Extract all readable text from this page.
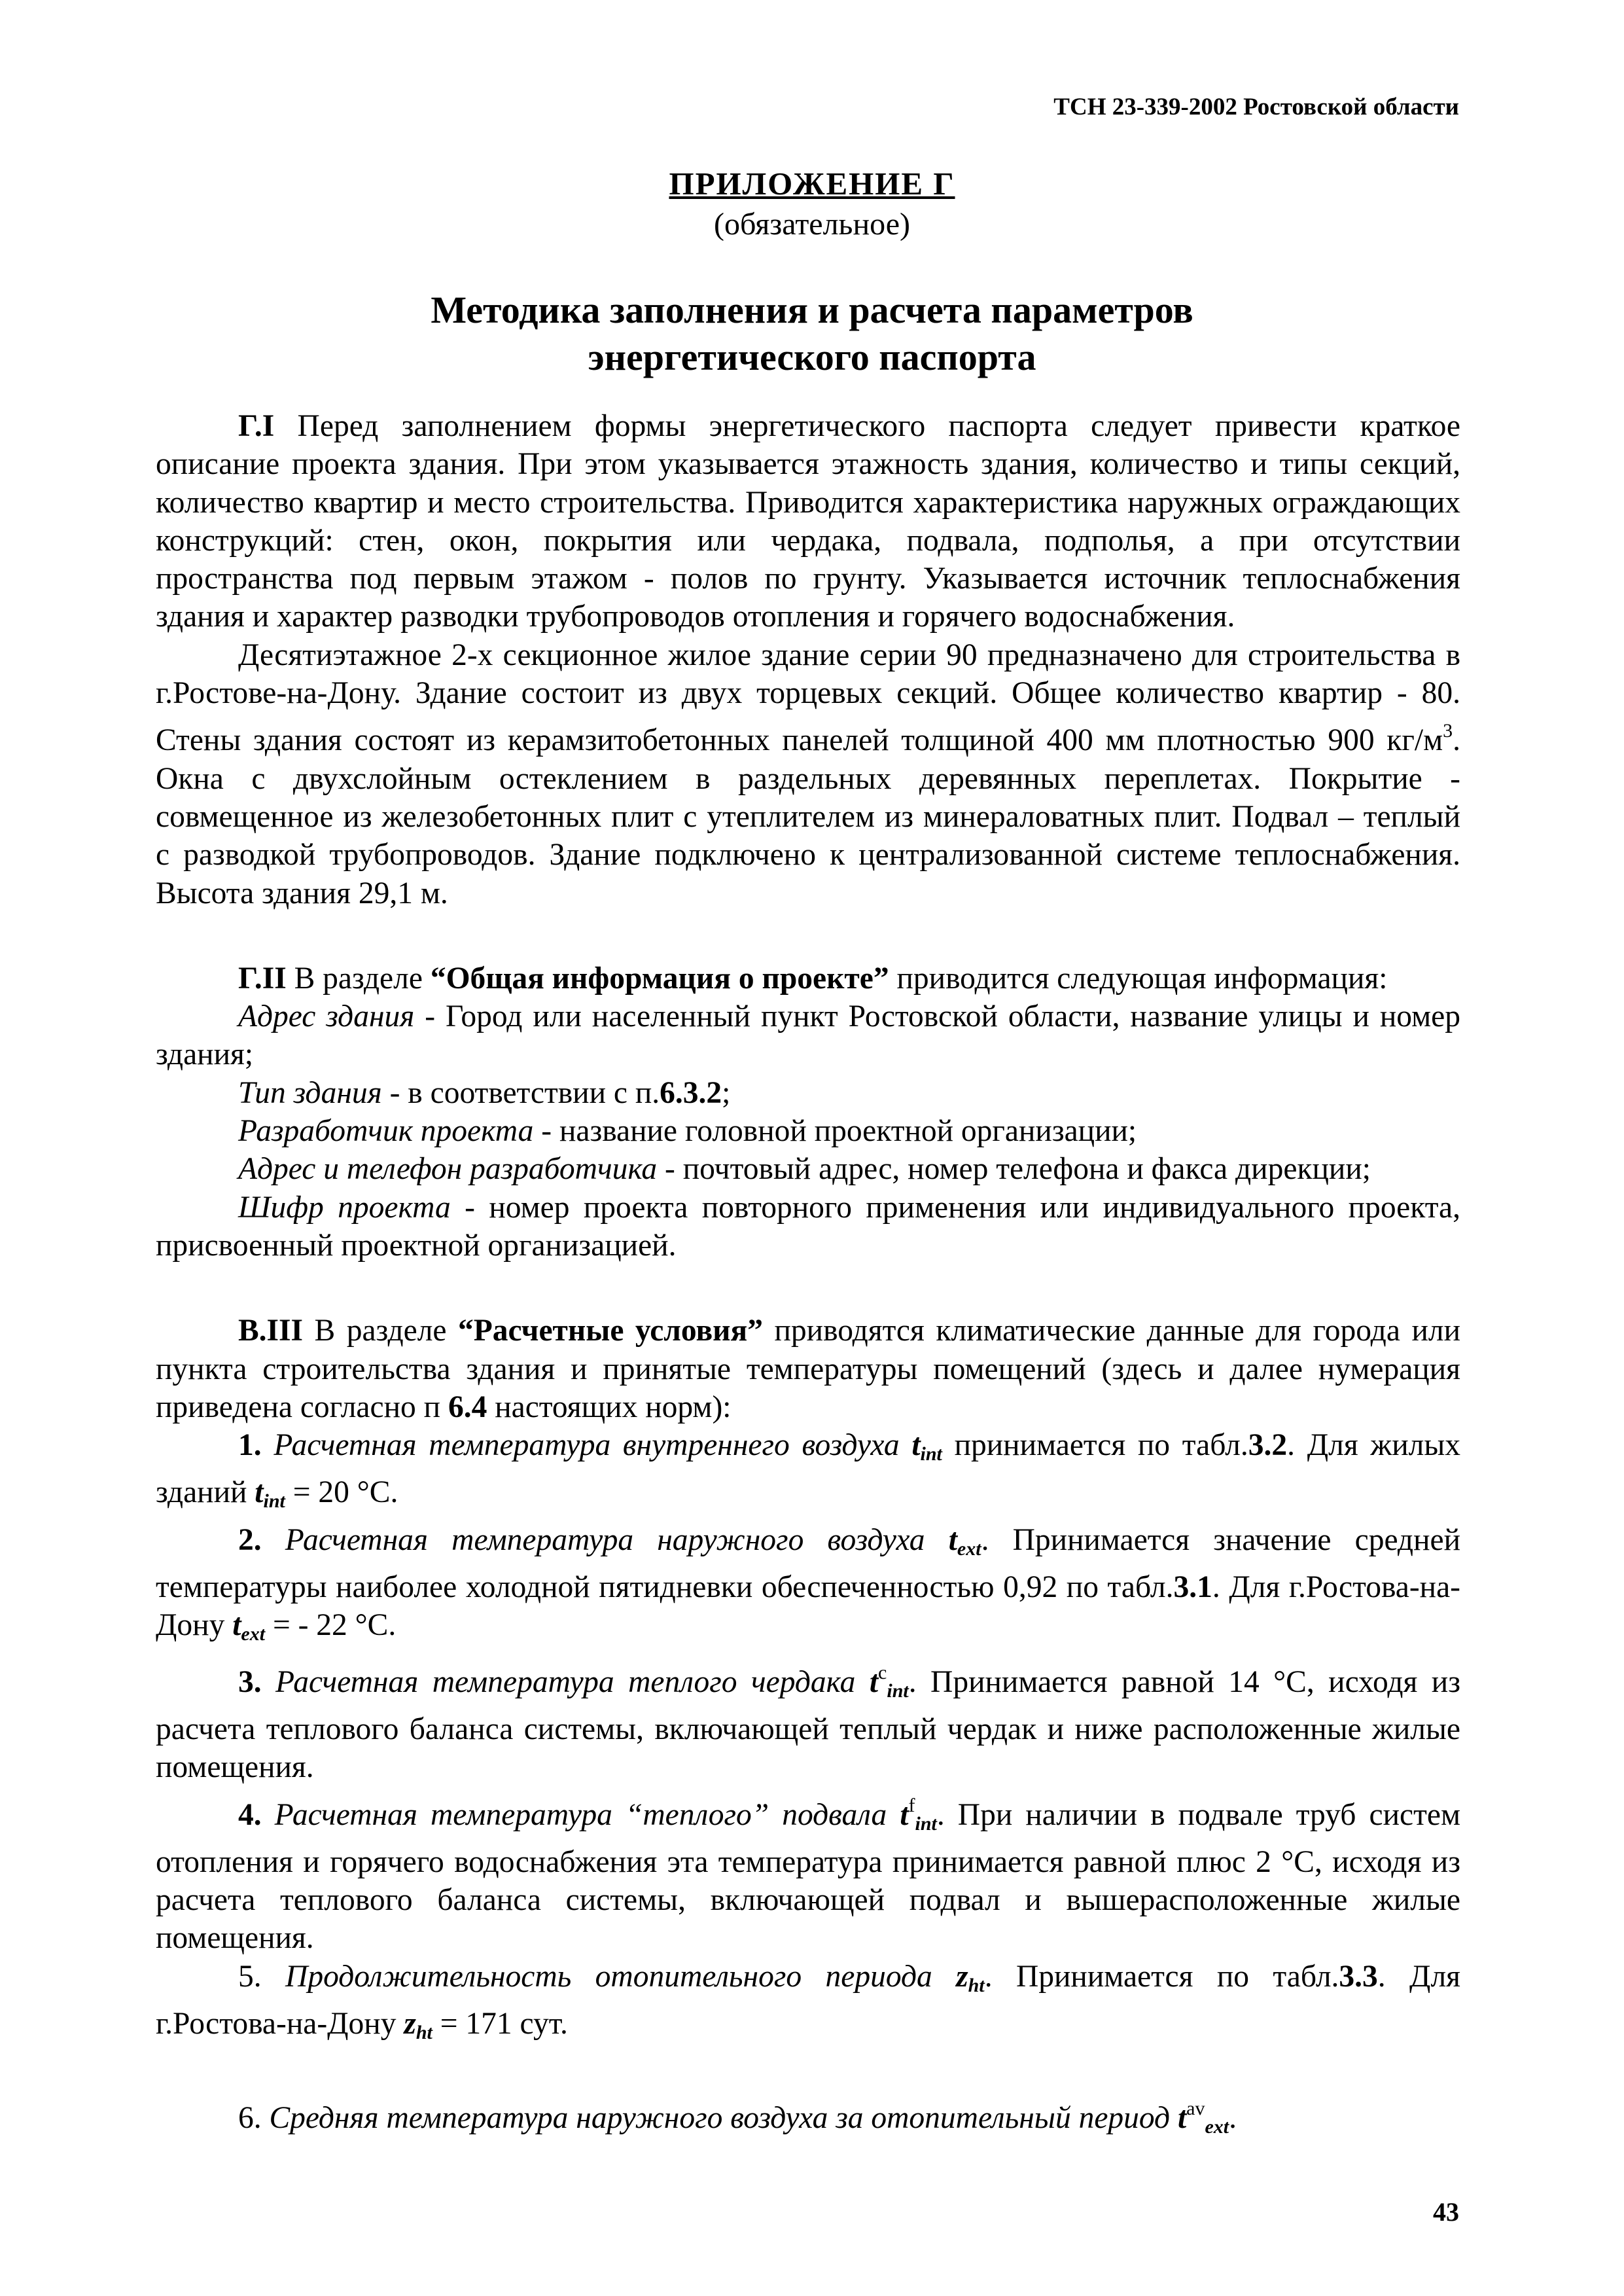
ТСН 23-339-2002 Ростовской области
ПРИЛОЖЕНИЕ Г
(обязательное)
Методика заполнения и расчета параметров
энергетического паспорта

Г.I Перед заполнением формы энергетического паспорта следует привести краткое описание проекта здания. При этом указывается этажность здания, количество и типы секций, количество квартир и место строительства. Приводится характеристика наружных ограждающих конструкций: стен, окон, покрытия или чердака, подвала, подполья, а при отсутствии пространства под первым этажом - полов по грунту. Указывается источник теплоснабжения здания и характер разводки трубопроводов отопления и горячего водоснабжения.

Десятиэтажное 2-х секционное жилое здание серии 90 предназначено для строительства в г.Ростове-на-Дону. Здание состоит из двух торцевых секций. Общее количество квартир - 80. Стены здания состоят из керамзитобетонных панелей толщиной 400 мм плотностью 900 $кг/м^3$. Окна с двухслойным остеклением в раздельных деревянных переплетах. Покрытие - совмещенное из железобетонных плит с утеплителем из минераловатных плит. Подвал – теплый с разводкой трубопроводов. Здание подключено к централизованной системе теплоснабжения. Высота здания 29,1 м.

Г.II В разделе “Общая информация о проекте” приводится следующая информация:

Адрес здания - Город или населенный пункт Ростовской области, название улицы и номер здания;

Тип здания - в соответствии с п.6.3.2;

Разработчик проекта - название головной проектной организации;

Адрес и телефон разработчика - почтовый адрес, номер телефона и факса дирекции;

Шифр проекта - номер проекта повторного применения или индивидуального проекта, присвоенный проектной организацией.

В.III В разделе “Расчетные условия” приводятся климатические данные для города или пункта строительства здания и принятые температуры помещений (здесь и далее нумерация приведена согласно п 6.4 настоящих норм):

1. Расчетная температура внутреннего воздуха $t_{int}$ принимается по табл.3.2. Для жилых зданий $t_{int} = 20$ °С.

2. Расчетная температура наружного воздуха $t_{ext}$. Принимается значение средней температуры наиболее холодной пятидневки обеспеченностью 0,92 по табл.3.1. Для г.Ростова-на-Дону $t_{ext}$ = - 22 °С.

3. Расчетная температура теплого чердака $t^c_{int}$. Принимается равной 14 °С, исходя из расчета теплового баланса системы, включающей теплый чердак и ниже расположенные жилые помещения.

4. Расчетная температура “теплого” подвала $t^f_{int}$. При наличии в подвале труб систем отопления и горячего водоснабжения эта температура принимается равной плюс 2 °С, исходя из расчета теплового баланса системы, включающей подвал и вышерасположенные жилые помещения.

5. Продолжительность отопительного периода $z_{ht}$. Принимается по табл.3.3. Для г.Ростова-на-Дону $z_{ht} = 171$ сут.

6. Средняя температура наружного воздуха за отопительный период $t^{av}_{ext}$.

43
